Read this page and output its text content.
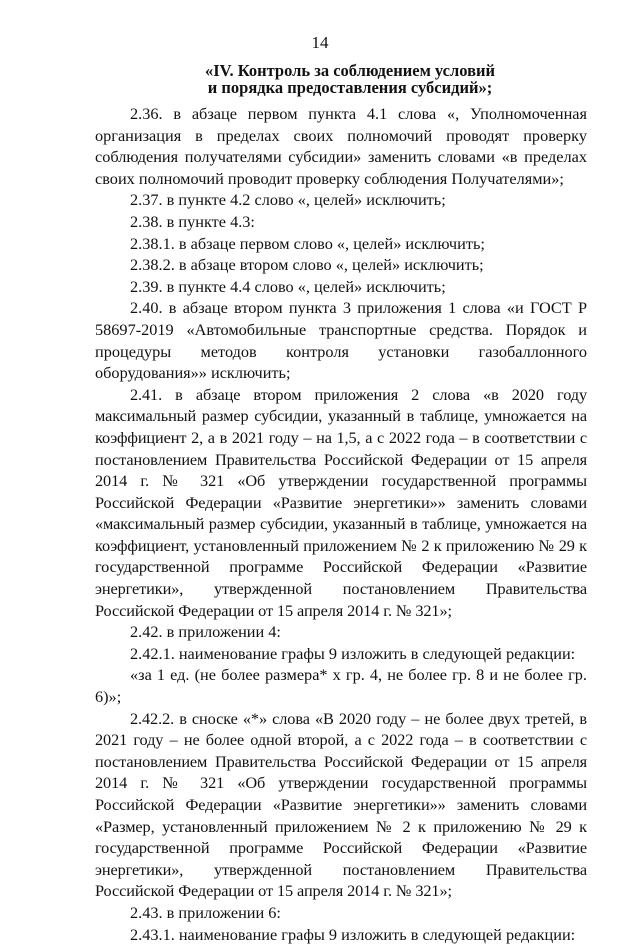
14
«IV. Контроль за соблюдением условий
и порядка предоставления субсидий»;

2.36. в абзаце первом пункта 4.1 слова «, Уполномоченная организация в пределах своих полномочий проводят проверку соблюдения получателями субсидии» заменить словами «в пределах своих полномочий проводит проверку соблюдения Получателями»;

2.37. в пункте 4.2 слово «, целей» исключить;

2.38. в пункте 4.3:

2.38.1. в абзаце первом слово «, целей» исключить;

2.38.2. в абзаце втором слово «, целей» исключить;

2.39. в пункте 4.4 слово «, целей» исключить;

2.40. в абзаце втором пункта 3 приложения 1 слова «и ГОСТ Р 58697-2019 «Автомобильные транспортные средства. Порядок и процедуры методов контроля установки газобаллонного оборудования»» исключить;

2.41. в абзаце втором приложения 2 слова «в 2020 году максимальный размер субсидии, указанный в таблице, умножается на коэффициент 2, а в 2021 году – на 1,5, а с 2022 года – в соответствии с постановлением Правительства Российской Федерации от 15 апреля 2014 г. № 321 «Об утверждении государственной программы Российской Федерации «Развитие энергетики»» заменить словами «максимальный размер субсидии, указанный в таблице, умножается на коэффициент, установленный приложением № 2 к приложению № 29 к государственной программе Российской Федерации «Развитие энергетики», утвержденной постановлением Правительства Российской Федерации от 15 апреля 2014 г. № 321»;

2.42. в приложении 4:

2.42.1. наименование графы 9 изложить в следующей редакции:

«за 1 ед. (не более размера* х гр. 4, не более гр. 8 и не более гр. 6)»;

2.42.2. в сноске «*» слова «В 2020 году – не более двух третей, в 2021 году – не более одной второй, а с 2022 года – в соответствии с постановлением Правительства Российской Федерации от 15 апреля 2014 г. № 321 «Об утверждении государственной программы Российской Федерации «Развитие энергетики»» заменить словами «Размер, установленный приложением № 2 к приложению № 29 к государственной программе Российской Федерации «Развитие энергетики», утвержденной постановлением Правительства Российской Федерации от 15 апреля 2014 г. № 321»;

2.43. в приложении 6:

2.43.1. наименование графы 9 изложить в следующей редакции:
